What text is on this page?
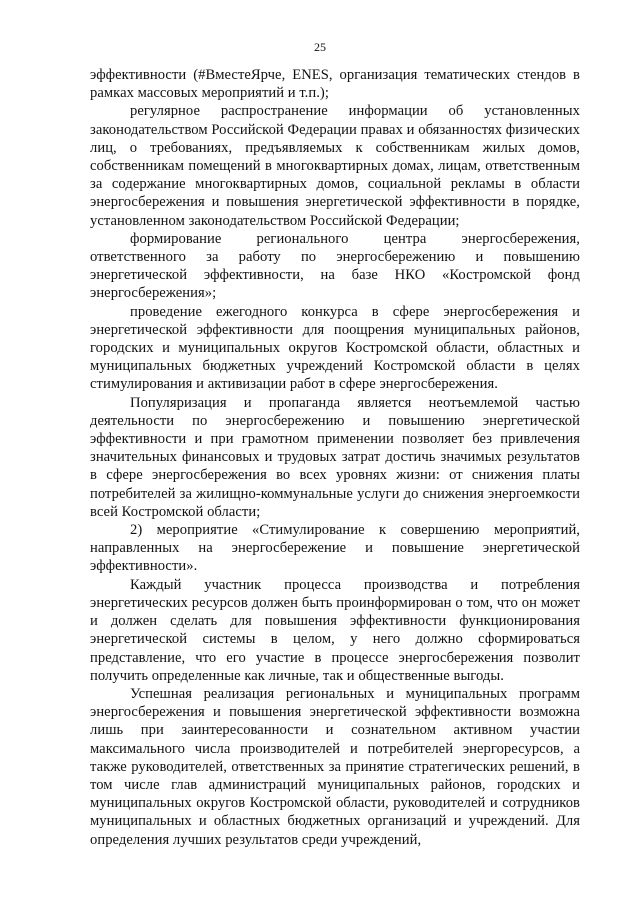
25

эффективности (#ВместеЯрче, ENES, организация тематических стендов в рамках массовых мероприятий и т.п.);

регулярное распространение информации об установленных законодательством Российской Федерации правах и обязанностях физических лиц, о требованиях, предъявляемых к собственникам жилых домов, собственникам помещений в многоквартирных домах, лицам, ответственным за содержание многоквартирных домов, социальной рекламы в области энергосбережения и повышения энергетической эффективности в порядке, установленном законодательством Российской Федерации;

формирование регионального центра энергосбережения, ответственного за работу по энергосбережению и повышению энергетической эффективности, на базе НКО «Костромской фонд энергосбережения»;

проведение ежегодного конкурса в сфере энергосбережения и энергетической эффективности для поощрения муниципальных районов, городских и муниципальных округов Костромской области, областных и муниципальных бюджетных учреждений Костромской области в целях стимулирования и активизации работ в сфере энергосбережения.

Популяризация и пропаганда является неотъемлемой частью деятельности по энергосбережению и повышению энергетической эффективности и при грамотном применении позволяет без привлечения значительных финансовых и трудовых затрат достичь значимых результатов в сфере энергосбережения во всех уровнях жизни: от снижения платы потребителей за жилищно-коммунальные услуги до снижения энергоемкости всей Костромской области;

2) мероприятие «Стимулирование к совершению мероприятий, направленных на энергосбережение и повышение энергетической эффективности».

Каждый участник процесса производства и потребления энергетических ресурсов должен быть проинформирован о том, что он может и должен сделать для повышения эффективности функционирования энергетической системы в целом, у него должно сформироваться представление, что его участие в процессе энергосбережения позволит получить определенные как личные, так и общественные выгоды.

Успешная реализация региональных и муниципальных программ энергосбережения и повышения энергетической эффективности возможна лишь при заинтересованности и сознательном активном участии максимального числа производителей и потребителей энергоресурсов, а также руководителей, ответственных за принятие стратегических решений, в том числе глав администраций муниципальных районов, городских и муниципальных округов Костромской области, руководителей и сотрудников муниципальных и областных бюджетных организаций и учреждений. Для определения лучших результатов среди учреждений,
